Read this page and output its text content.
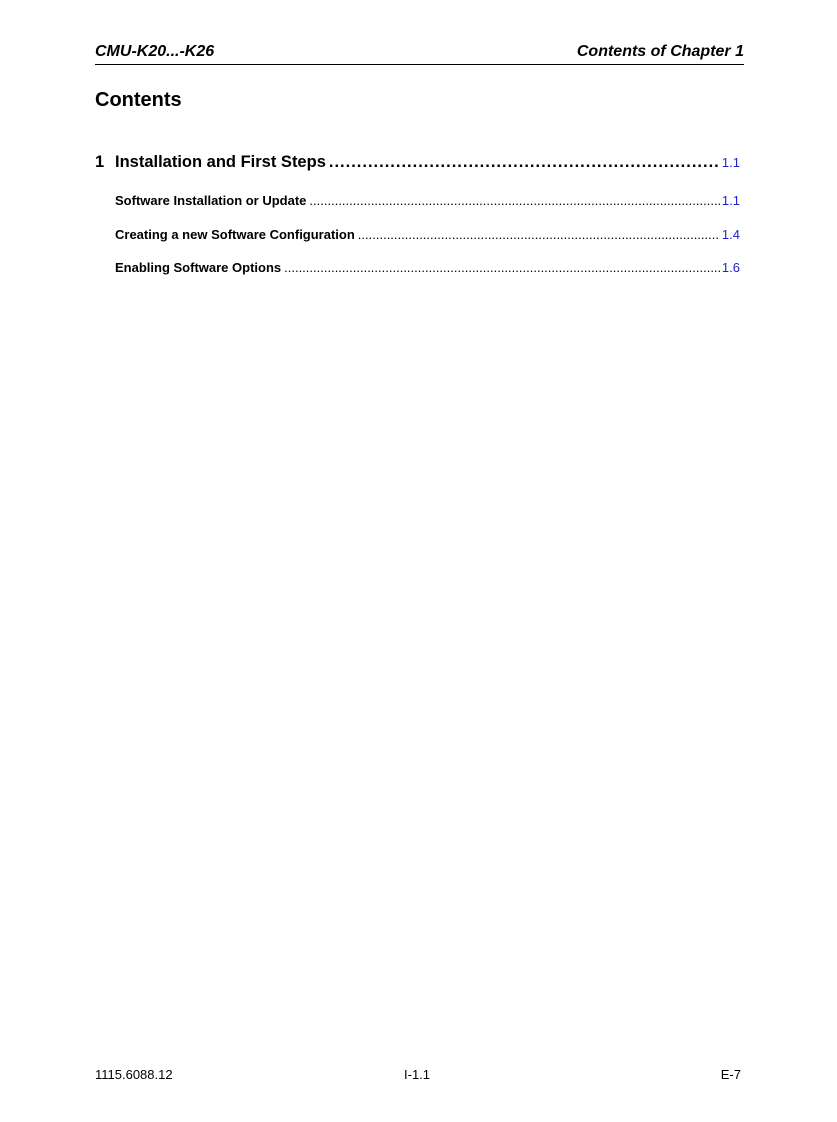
CMU-K20...-K26	Contents of Chapter 1
Contents
1 Installation and First Steps .....	1.1
Software Installation or Update .....	1.1
Creating a new Software Configuration .....	1.4
Enabling Software Options .....	1.6
1115.6088.12	I-1.1	E-7
